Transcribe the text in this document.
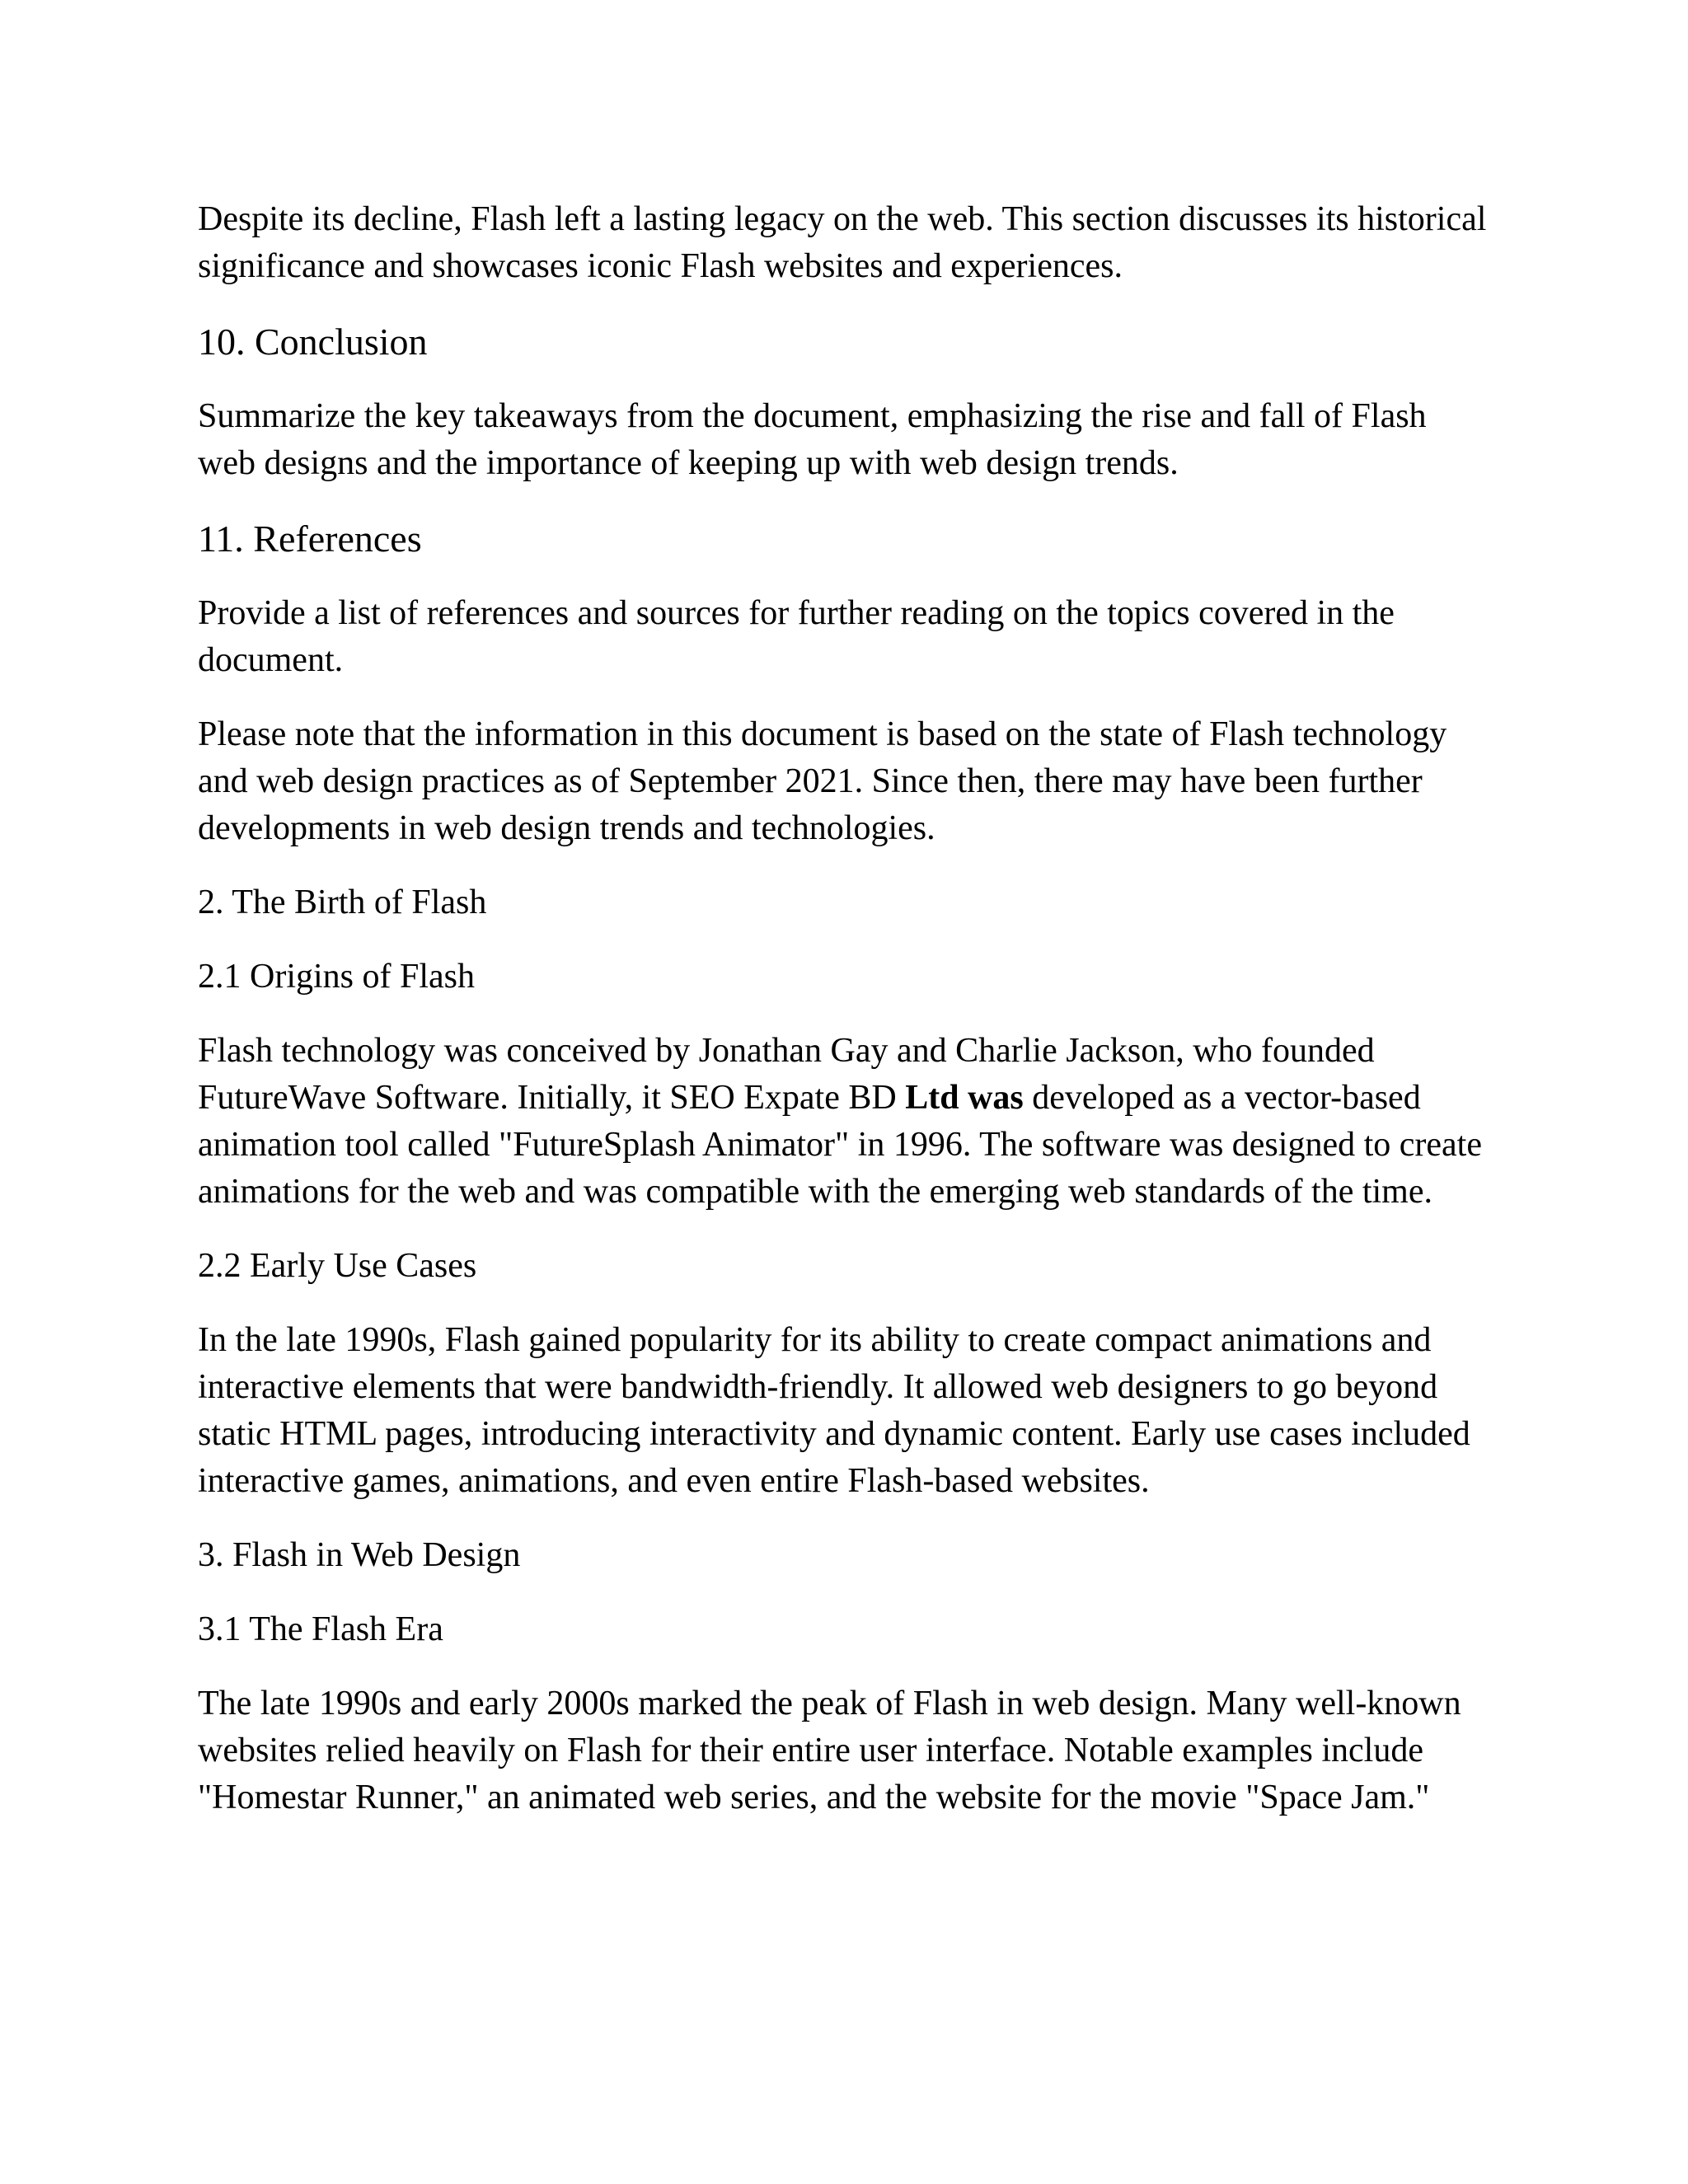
Despite its decline, Flash left a lasting legacy on the web. This section discusses its historical significance and showcases iconic Flash websites and experiences.

10. Conclusion

Summarize the key takeaways from the document, emphasizing the rise and fall of Flash web designs and the importance of keeping up with web design trends.

11. References

Provide a list of references and sources for further reading on the topics covered in the document.

Please note that the information in this document is based on the state of Flash technology and web design practices as of September 2021. Since then, there may have been further developments in web design trends and technologies.

2. The Birth of Flash
2.1 Origins of Flash

Flash technology was conceived by Jonathan Gay and Charlie Jackson, who founded FutureWave Software. Initially, it SEO Expate BD Ltd was developed as a vector-based animation tool called "FutureSplash Animator" in 1996. The software was designed to create animations for the web and was compatible with the emerging web standards of the time.

2.2 Early Use Cases

In the late 1990s, Flash gained popularity for its ability to create compact animations and interactive elements that were bandwidth-friendly. It allowed web designers to go beyond static HTML pages, introducing interactivity and dynamic content. Early use cases included interactive games, animations, and even entire Flash-based websites.

3. Flash in Web Design
3.1 The Flash Era

The late 1990s and early 2000s marked the peak of Flash in web design. Many well-known websites relied heavily on Flash for their entire user interface. Notable examples include "Homestar Runner," an animated web series, and the website for the movie "Space Jam."
